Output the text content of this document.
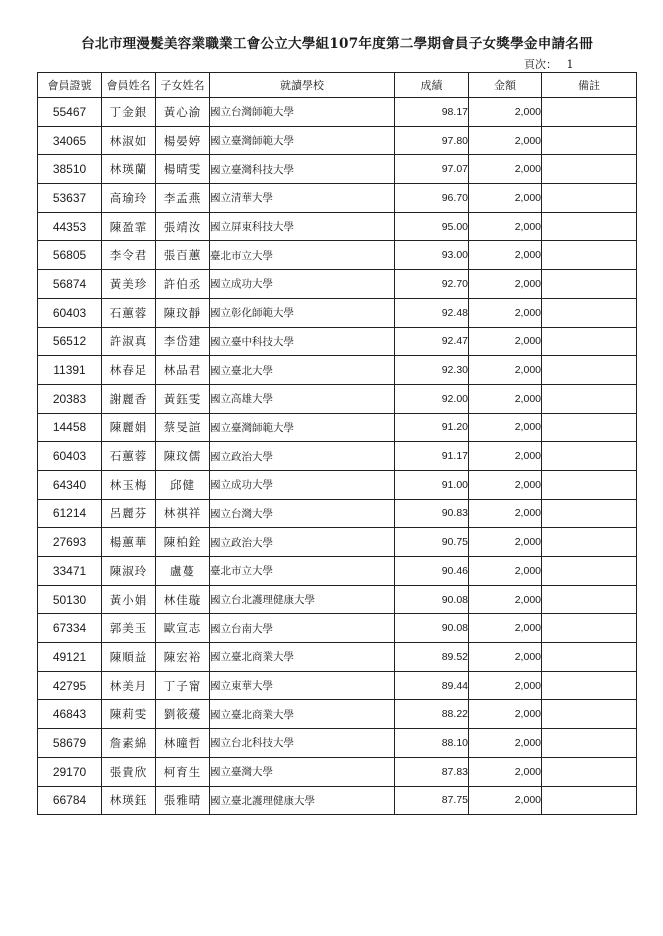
台北市理漫髮美容業職業工會公立大學組107年度第二學期會員子女獎學金申請名冊
頁次： 1
會員證號	會員姓名	子女姓名	就讀學校	成績	金額	備註
55467	丁金銀	黃心渝	國立台灣師範大學	98.17	2,000	
34065	林淑如	楊晏婷	國立臺灣師範大學	97.80	2,000	
38510	林瑛蘭	楊晴雯	國立臺灣科技大學	97.07	2,000	
53637	高瑜玲	李孟燕	國立清華大學	96.70	2,000	
44353	陳盈霏	張靖汝	國立屏東科技大學	95.00	2,000	
56805	李令君	張百蕙	臺北市立大學	93.00	2,000	
56874	黃美珍	許伯丞	國立成功大學	92.70	2,000	
60403	石蕙蓉	陳玟靜	國立彰化師範大學	92.48	2,000	
56512	許淑真	李岱建	國立臺中科技大學	92.47	2,000	
11391	林春足	林品君	國立臺北大學	92.30	2,000	
20383	謝麗香	黃鈺雯	國立高雄大學	92.00	2,000	
14458	陳麗娟	蔡旻諠	國立臺灣師範大學	91.20	2,000	
60403	石蕙蓉	陳玟儒	國立政治大學	91.17	2,000	
64340	林玉梅	邱健	國立成功大學	91.00	2,000	
61214	呂麗芬	林祺祥	國立台灣大學	90.83	2,000	
27693	楊蕙華	陳柏銓	國立政治大學	90.75	2,000	
33471	陳淑玲	盧蔓	臺北市立大學	90.46	2,000	
50130	黃小娟	林佳璇	國立台北護理健康大學	90.08	2,000	
67334	郭美玉	歐宣志	國立台南大學	90.08	2,000	
49121	陳順益	陳宏裕	國立臺北商業大學	89.52	2,000	
42795	林美月	丁子甯	國立東華大學	89.44	2,000	
46843	陳莉雯	劉筱蕿	國立臺北商業大學	88.22	2,000	
58679	詹素綿	林曈哲	國立台北科技大學	88.10	2,000	
29170	張貴欣	柯育生	國立臺灣大學	87.83	2,000	
66784	林瑛鈺	張雅晴	國立臺北護理健康大學	87.75	2,000	
